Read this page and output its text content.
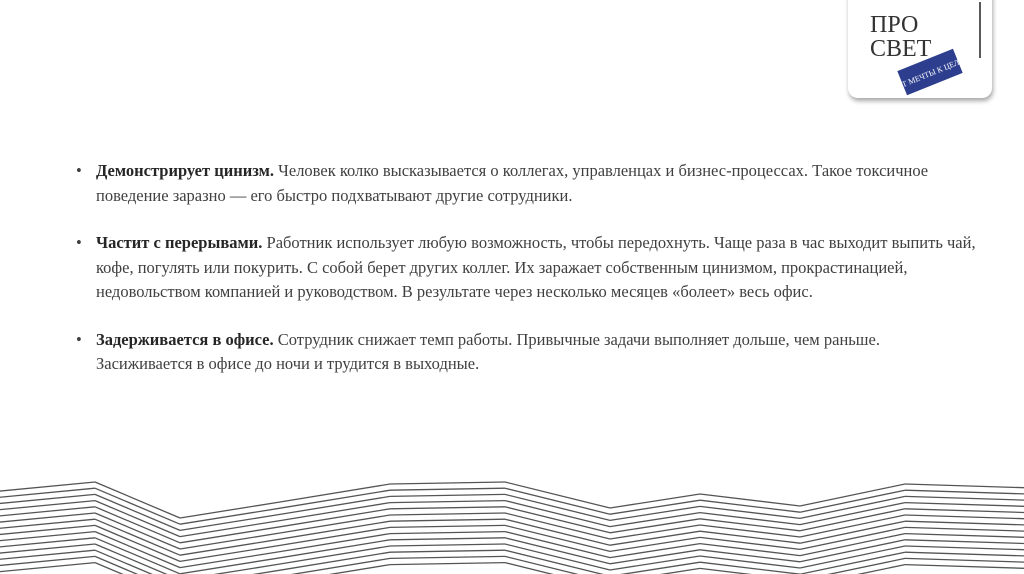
ПРО
СВЕТ
ОТ МЕЧТЫ К ЦЕЛИ
• Демонстрирует цинизм. Человек колко высказывается о коллегах, управленцах и бизнес-процессах. Такое токсичное поведение заразно — его быстро подхватывают другие сотрудники.
• Частит с перерывами. Работник использует любую возможность, чтобы передохнуть. Чаще раза в час выходит выпить чай, кофе, погулять или покурить. С собой берет других коллег. Их заражает собственным цинизмом, прокрастинацией, недовольством компанией и руководством. В результате через несколько месяцев «болеет» весь офис.
• Задерживается в офисе. Сотрудник снижает темп работы. Привычные задачи выполняет дольше, чем раньше. Засиживается в офисе до ночи и трудится в выходные.
